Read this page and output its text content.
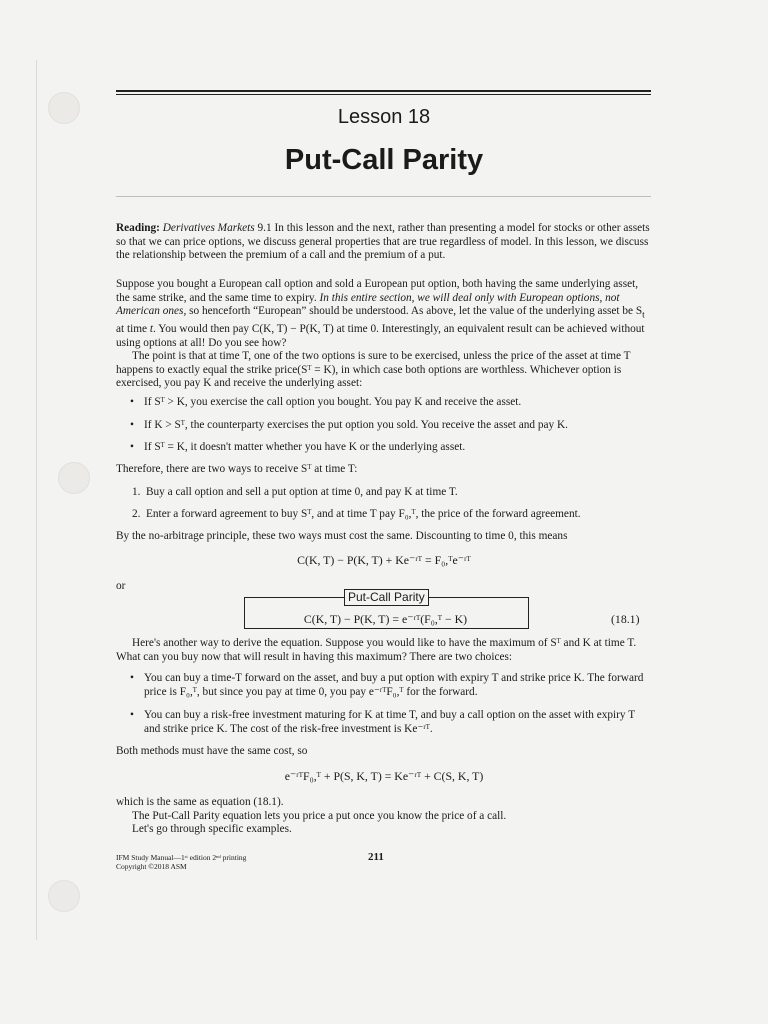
Lesson 18
Put-Call Parity

Reading: Derivatives Markets 9.1 In this lesson and the next, rather than presenting a model for stocks or other assets so that we can price options, we discuss general properties that are true regardless of model. In this lesson, we discuss the relationship between the premium of a call and the premium of a put.

Suppose you bought a European call option and sold a European put option, both having the same underlying asset, the same strike, and the same time to expiry. In this entire section, we will deal only with European options, not American ones, so henceforth “European” should be understood. As above, let the value of the underlying asset be $S_t$ at time t. You would then pay C(K, T) − P(K, T) at time 0. Interestingly, an equivalent result can be achieved without using options at all! Do you see how?

The point is that at time T, one of the two options is sure to be exercised, unless the price of the asset at time T happens to exactly equal the strike price(Sᵀ = K), in which case both options are worthless. Whichever option is exercised, you pay K and receive the underlying asset:

• If Sᵀ > K, you exercise the call option you bought. You pay K and receive the asset.
• If K > Sᵀ, the counterparty exercises the put option you sold. You receive the asset and pay K.
• If Sᵀ = K, it doesn't matter whether you have K or the underlying asset.
Therefore, there are two ways to receive Sᵀ at time T:
1. Buy a call option and sell a put option at time 0, and pay K at time T.
2. Enter a forward agreement to buy Sᵀ, and at time T pay F₀,ᵀ, the price of the forward agreement.
By the no-arbitrage principle, these two ways must cost the same. Discounting to time 0, this means
C(K, T) − P(K, T) + Ke⁻ʳᵀ = F₀,ᵀe⁻ʳᵀ
or
Put-Call Parity
C(K, T) − P(K, T) = e⁻ʳᵀ(F₀,ᵀ − K)	(18.1)
Here's another way to derive the equation. Suppose you would like to have the maximum of Sᵀ and K at time T. What can you buy now that will result in having this maximum? There are two choices:
• You can buy a time-T forward on the asset, and buy a put option with expiry T and strike price K. The forward price is F₀,ᵀ, but since you pay at time 0, you pay e⁻ʳᵀF₀,ᵀ for the forward.
• You can buy a risk-free investment maturing for K at time T, and buy a call option on the asset with expiry T and strike price K. The cost of the risk-free investment is Ke⁻ʳᵀ.
Both methods must have the same cost, so
e⁻ʳᵀF₀,ᵀ + P(S, K, T) = Ke⁻ʳᵀ + C(S, K, T)

which is the same as equation (18.1).

The Put-Call Parity equation lets you price a put once you know the price of a call.

Let's go through specific examples.

IFM Study Manual—1ˢᵗ edition 2ⁿᵈ printing
Copyright ©2018 ASM
211
